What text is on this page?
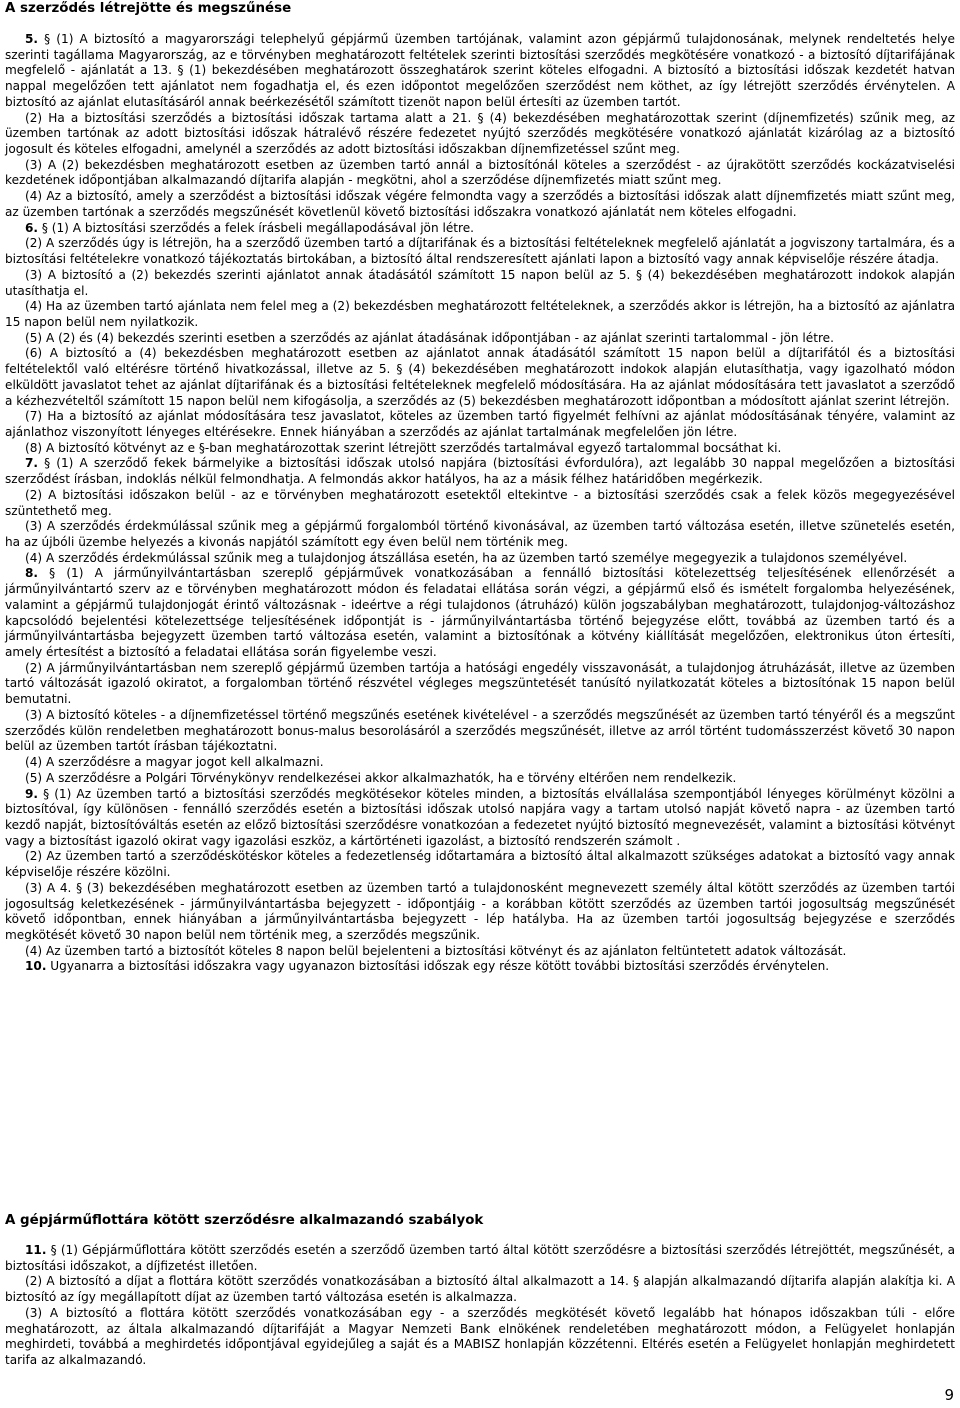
A szerződés létrejötte és megszűnése

5. § (1) A biztosító a magyarországi telephelyű gépjármű üzemben tartójának, valamint azon gépjármű tulajdonosának, melynek rendeltetés helye szerinti tagállama Magyarország, az e törvényben meghatározott feltételek szerinti biztosítási szerződés megkötésére vonatkozó - a biztosító díjtarifájának megfelelő - ajánlatát a 13. § (1) bekezdésében meghatározott összeghatárok szerint köteles elfogadni. A biztosító a biztosítási időszak kezdetét hatvan nappal megelőzően tett ajánlatot nem fogadhatja el, és ezen időpontot megelőzően szerződést nem köthet, az így létrejött szerződés érvénytelen. A biztosító az ajánlat elutasításáról annak beérkezésétől számított tizenöt napon belül értesíti az üzemben tartót.

(2) Ha a biztosítási szerződés a biztosítási időszak tartama alatt a 21. § (4) bekezdésében meghatározottak szerint (díjnemfizetés) szűnik meg, az üzemben tartónak az adott biztosítási időszak hátralévő részére fedezetet nyújtó szerződés megkötésére vonatkozó ajánlatát kizárólag az a biztosító jogosult és köteles elfogadni, amelynél a szerződés az adott biztosítási időszakban díjnemfizetéssel szűnt meg.

(3) A (2) bekezdésben meghatározott esetben az üzemben tartó annál a biztosítónál köteles a szerződést - az újrakötött szerződés kockázatviselési kezdetének időpontjában alkalmazandó díjtarifa alapján - megkötni, ahol a szerződése díjnemfizetés miatt szűnt meg.

(4) Az a biztosító, amely a szerződést a biztosítási időszak végére felmondta vagy a szerződés a biztosítási időszak alatt díjnemfizetés miatt szűnt meg, az üzemben tartónak a szerződés megszűnését követlenül követő biztosítási időszakra vonatkozó ajánlatát nem köteles elfogadni.

6. § (1) A biztosítási szerződés a felek írásbeli megállapodásával jön létre.

(2) A szerződés úgy is létrejön, ha a szerződő üzemben tartó a díjtarifának és a biztosítási feltételeknek megfelelő ajánlatát a jogviszony tartalmára, és a biztosítási feltételekre vonatkozó tájékoztatás birtokában, a biztosító által rendszeresített ajánlati lapon a biztosító vagy annak képviselője részére átadja.

(3) A biztosító a (2) bekezdés szerinti ajánlatot annak átadásától számított 15 napon belül az 5. § (4) bekezdésében meghatározott indokok alapján utasíthatja el.

(4) Ha az üzemben tartó ajánlata nem felel meg a (2) bekezdésben meghatározott feltételeknek, a szerződés akkor is létrejön, ha a biztosító az ajánlatra 15 napon belül nem nyilatkozik.

(5) A (2) és (4) bekezdés szerinti esetben a szerződés az ajánlat átadásának időpontjában - az ajánlat szerinti tartalommal - jön létre.

(6) A biztosító a (4) bekezdésben meghatározott esetben az ajánlatot annak átadásától számított 15 napon belül a díjtarifától és a biztosítási feltételektől való eltérésre történő hivatkozással, illetve az 5. § (4) bekezdésében meghatározott indokok alapján elutasíthatja, vagy igazolható módon elküldött javaslatot tehet az ajánlat díjtarifának és a biztosítási feltételeknek megfelelő módosítására. Ha az ajánlat módosítására tett javaslatot a szerződő a kézhezvételtől számított 15 napon belül nem kifogásolja, a szerződés az (5) bekezdésben meghatározott időpontban a módosított ajánlat szerint létrejön.

(7) Ha a biztosító az ajánlat módosítására tesz javaslatot, köteles az üzemben tartó figyelmét felhívni az ajánlat módosításának tényére, valamint az ajánlathoz viszonyított lényeges eltérésekre. Ennek hiányában a szerződés az ajánlat tartalmának megfelelően jön létre.

(8) A biztosító kötvényt az e §-ban meghatározottak szerint létrejött szerződés tartalmával egyező tartalommal bocsáthat ki.

7. § (1) A szerződő fekek bármelyike a biztosítási időszak utolsó napjára (biztosítási évfordulóra), azt legalább 30 nappal megelőzően a biztosítási szerződést írásban, indoklás nélkül felmondhatja. A felmondás akkor hatályos, ha az a másik félhez határidőben megérkezik.

(2) A biztosítási időszakon belül - az e törvényben meghatározott esetektől eltekintve - a biztosítási szerződés csak a felek közös megegyezésével szüntethető meg.

(3) A szerződés érdekmúlással szűnik meg a gépjármű forgalomból történő kivonásával, az üzemben tartó változása esetén, illetve szünetelés esetén, ha az újbóli üzembe helyezés a kivonás napjától számított egy éven belül nem történik meg.

(4) A szerződés érdekmúlással szűnik meg a tulajdonjog átszállása esetén, ha az üzemben tartó személye megegyezik a tulajdonos személyével.

8. § (1) A járműnyilvántartásban szereplő gépjárművek vonatkozásában a fennálló biztosítási kötelezettség teljesítésének ellenőrzését a járműnyilvántartó szerv az e törvényben meghatározott módon és feladatai ellátása során végzi, a gépjármű első és ismételt forgalomba helyezésének, valamint a gépjármű tulajdonjogát érintő változásnak - ideértve a régi tulajdonos (átruházó) külön jogszabályban meghatározott, tulajdonjog-változáshoz kapcsolódó bejelentési kötelezettsége teljesítésének időpontját is - járműnyilvántartásba történő bejegyzése előtt, továbbá az üzemben tartó és a járműnyilvántartásba bejegyzett üzemben tartó változása esetén, valamint a biztosítónak a kötvény kiállítását megelőzően, elektronikus úton értesíti, amely értesítést a biztosító a feladatai ellátása során figyelembe veszi.

(2) A járműnyilvántartásban nem szereplő gépjármű üzemben tartója a hatósági engedély visszavonását, a tulajdonjog átruházását, illetve az üzemben tartó változását igazoló okiratot, a forgalomban történő részvétel végleges megszüntetését tanúsító nyilatkozatát köteles a biztosítónak 15 napon belül bemutatni.

(3) A biztosító köteles - a díjnemfizetéssel történő megszűnés esetének kivételével - a szerződés megszűnését az üzemben tartó tényéről és a megszűnt szerződés külön rendeletben meghatározott bonus-malus besorolásáról a szerződés megszűnését, illetve az arról történt tudomásszerzést követő 30 napon belül az üzemben tartót írásban tájékoztatni.

(4) A szerződésre a magyar jogot kell alkalmazni.

(5) A szerződésre a Polgári Törvénykönyv rendelkezései akkor alkalmazhatók, ha e törvény eltérően nem rendelkezik.

9. § (1) Az üzemben tartó a biztosítási szerződés megkötésekor köteles minden, a biztosítás elvállalása szempontjából lényeges körülményt közölni a biztosítóval, így különösen - fennálló szerződés esetén a biztosítási időszak utolsó napjára vagy a tartam utolsó napját követő napra - az üzemben tartó kezdő napját, biztosítóváltás esetén az előző biztosítási szerződésre vonatkozóan a fedezetet nyújtó biztosító megnevezését, valamint a biztosítási kötvényt vagy a biztosítást igazoló okirat vagy igazolási eszköz, a kártörténeti igazolást, a biztosító rendszerén számolt .

(2) Az üzemben tartó a szerződéskötéskor köteles a fedezetlenség időtartamára a biztosító által alkalmazott szükséges adatokat a biztosító vagy annak képviselője részére közölni.

(3) A 4. § (3) bekezdésében meghatározott esetben az üzemben tartó a tulajdonosként megnevezett személy által kötött szerződés az üzemben tartói jogosultság keletkezésének - járműnyilvántartásba bejegyzett - időpontjáig - a korábban kötött szerződés az üzemben tartói jogosultság megszűnését követő időpontban, ennek hiányában a járműnyilvántartásba bejegyzett - lép hatályba. Ha az üzemben tartói jogosultság bejegyzése e szerződés megkötését követő 30 napon belül nem történik meg, a szerződés megszűnik.

(4) Az üzemben tartó a biztosítót köteles 8 napon belül bejelenteni a biztosítási kötvényt és az ajánlaton feltüntetett adatok változását.

10. Ugyanarra a biztosítási időszakra vagy ugyanazon biztosítási időszak egy része kötött további biztosítási szerződés érvénytelen.

A gépjárműflottára kötött szerződésre alkalmazandó szabályok

11. § (1) Gépjárműflottára kötött szerződés esetén a szerződő üzemben tartó által kötött szerződésre a biztosítási szerződés létrejöttét, megszűnését, a biztosítási időszakot, a díjfizetést illetően.

(2) A biztosító a díjat a flottára kötött szerződés vonatkozásában a biztosító által alkalmazott a 14. § alapján alkalmazandó díjtarifa alapján alakítja ki. A biztosító az így megállapított díjat az üzemben tartó változása esetén is alkalmazza.

(3) A biztosító a flottára kötött szerződés vonatkozásában egy - a szerződés megkötését követő legalább hat hónapos időszakban túli - előre meghatározott, az általa alkalmazandó díjtarifáját a Magyar Nemzeti Bank elnökének rendeletében meghatározott módon, a Felügyelet honlapján meghirdeti, továbbá a meghirdetés időpontjával egyidejűleg a saját és a MABISZ honlapján közzétenni. Eltérés esetén a Felügyelet honlapján meghirdetett tarifa az alkalmazandó.

9
